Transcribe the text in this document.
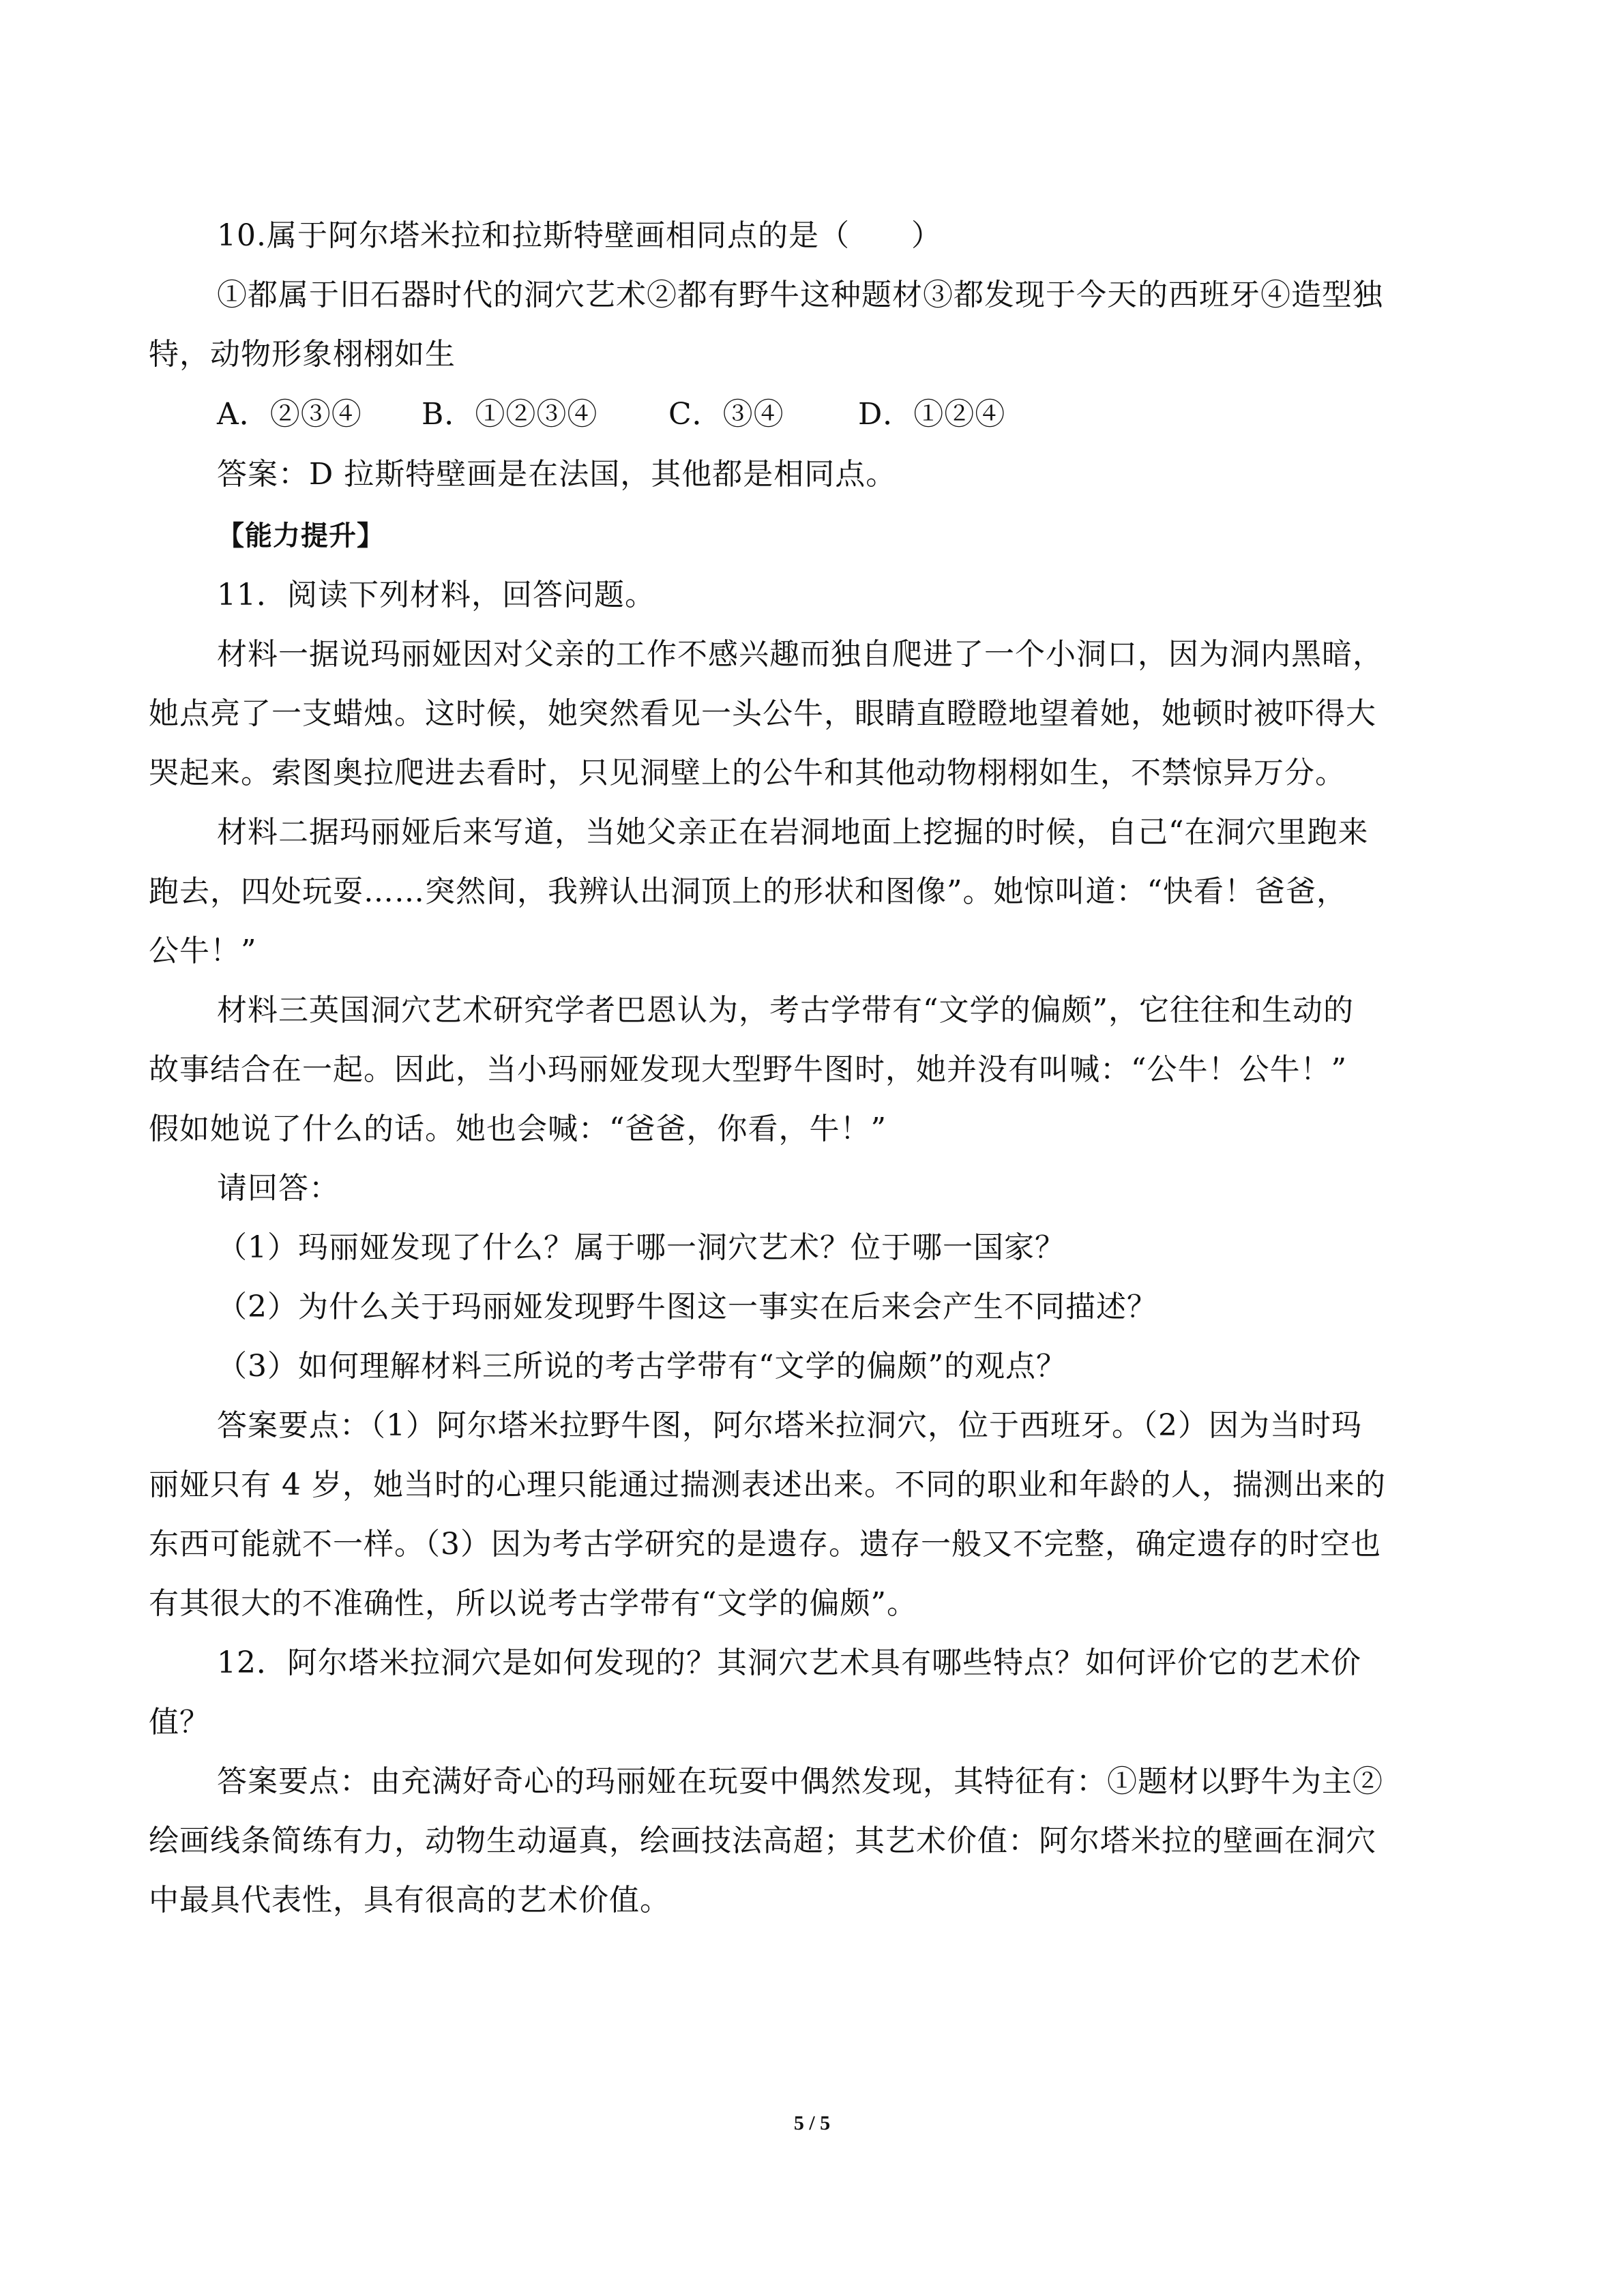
10.属于阿尔塔米拉和拉斯特壁画相同点的是（　　）
①都属于旧石器时代的洞穴艺术②都有野牛这种题材③都发现于今天的西班牙④造型独
特，动物形象栩栩如生
A．②③④	B．①②③④	C．③④	D．①②④
答案：D 拉斯特壁画是在法国，其他都是相同点。
【能力提升】
11．阅读下列材料，回答问题。
材料一据说玛丽娅因对父亲的工作不感兴趣而独自爬进了一个小洞口，因为洞内黑暗，
她点亮了一支蜡烛。这时候，她突然看见一头公牛，眼睛直瞪瞪地望着她，她顿时被吓得大
哭起来。索图奥拉爬进去看时，只见洞壁上的公牛和其他动物栩栩如生，不禁惊异万分。
材料二据玛丽娅后来写道，当她父亲正在岩洞地面上挖掘的时候，自己“在洞穴里跑来
跑去，四处玩耍……突然间，我辨认出洞顶上的形状和图像”。她惊叫道：“快看！爸爸，
公牛！”
材料三英国洞穴艺术研究学者巴恩认为，考古学带有“文学的偏颇”，它往往和生动的
故事结合在一起。因此，当小玛丽娅发现大型野牛图时，她并没有叫喊：“公牛！公牛！”
假如她说了什么的话。她也会喊：“爸爸，你看，牛！”
请回答：
（1）玛丽娅发现了什么？属于哪一洞穴艺术？位于哪一国家？
（2）为什么关于玛丽娅发现野牛图这一事实在后来会产生不同描述？
（3）如何理解材料三所说的考古学带有“文学的偏颇”的观点？
答案要点：（1）阿尔塔米拉野牛图，阿尔塔米拉洞穴，位于西班牙。（2）因为当时玛
丽娅只有 4 岁，她当时的心理只能通过揣测表述出来。不同的职业和年龄的人，揣测出来的
东西可能就不一样。（3）因为考古学研究的是遗存。遗存一般又不完整，确定遗存的时空也
有其很大的不准确性，所以说考古学带有“文学的偏颇”。
12．阿尔塔米拉洞穴是如何发现的？其洞穴艺术具有哪些特点？如何评价它的艺术价
值？
答案要点：由充满好奇心的玛丽娅在玩耍中偶然发现，其特征有：①题材以野牛为主②
绘画线条简练有力，动物生动逼真，绘画技法高超；其艺术价值：阿尔塔米拉的壁画在洞穴
中最具代表性，具有很高的艺术价值。
5 / 5
